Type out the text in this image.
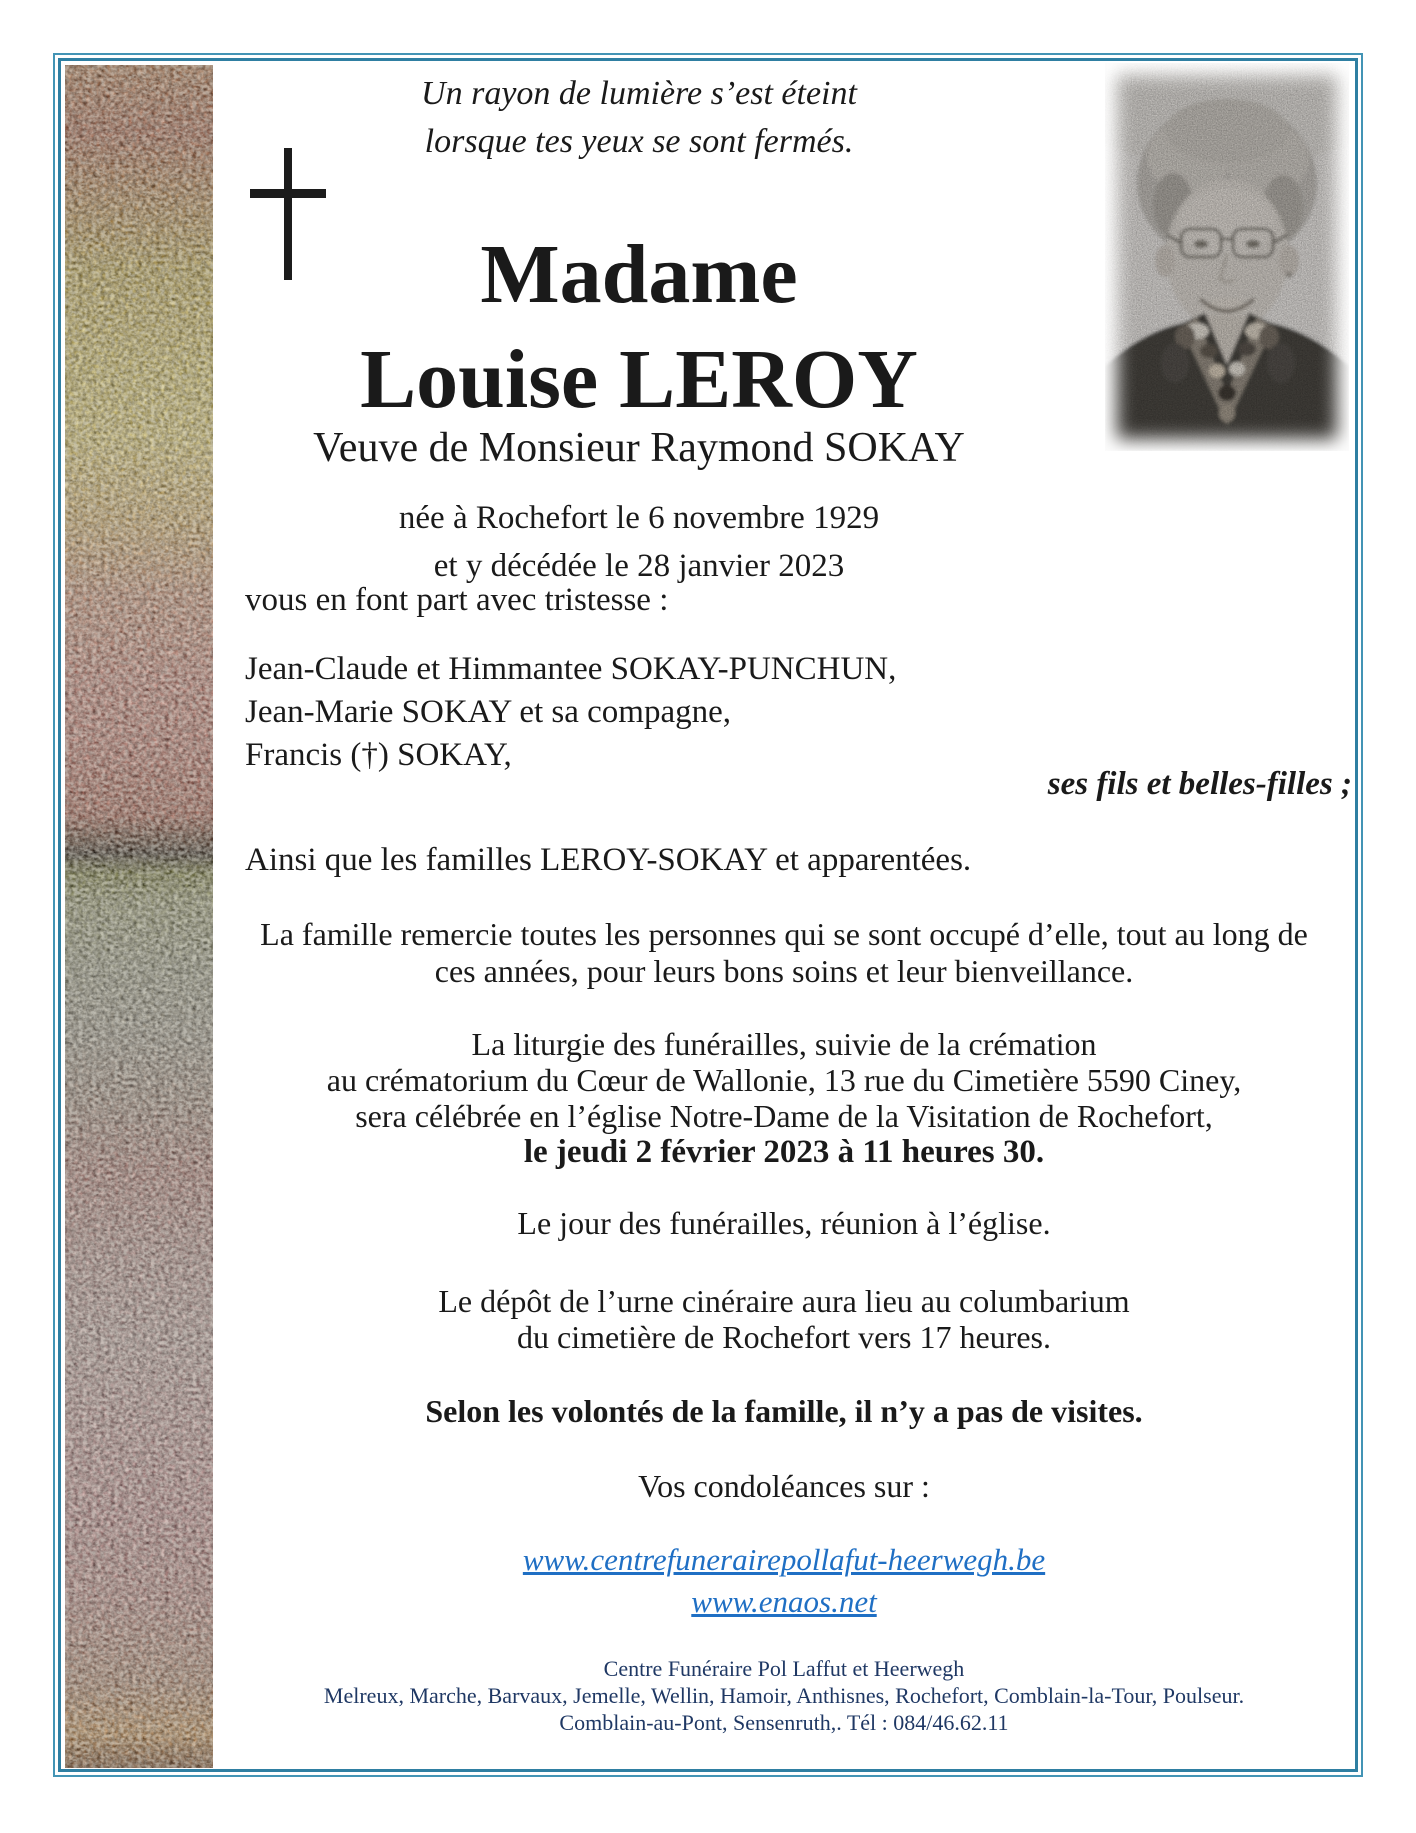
Un rayon de lumière s’est éteint
lorsque tes yeux se sont fermés.
Madame
Louise LEROY
Veuve de Monsieur Raymond SOKAY
née à Rochefort le 6 novembre 1929
et y décédée le 28 janvier 2023
vous en font part avec tristesse :
Jean-Claude et Himmantee SOKAY-PUNCHUN,
Jean-Marie SOKAY et sa compagne,
Francis (†) SOKAY,
ses fils et belles-filles ;
Ainsi que les familles LEROY-SOKAY et apparentées.
La famille remercie toutes les personnes qui se sont occupé d’elle, tout au long de
ces années, pour leurs bons soins et leur bienveillance.
La liturgie des funérailles, suivie de la crémation
au crématorium du Cœur de Wallonie, 13 rue du Cimetière 5590 Ciney,
sera célébrée en l’église Notre-Dame de la Visitation de Rochefort,
le jeudi 2 février 2023 à 11 heures 30.
Le jour des funérailles, réunion à l’église.
Le dépôt de l’urne cinéraire aura lieu au columbarium
du cimetière de Rochefort vers 17 heures.
Selon les volontés de la famille, il n’y a pas de visites.
Vos condoléances sur :
www.centrefunerairepollafut-heerwegh.be
www.enaos.net
Centre Funéraire Pol Laffut et Heerwegh
Melreux, Marche, Barvaux, Jemelle, Wellin, Hamoir, Anthisnes, Rochefort, Comblain-la-Tour, Poulseur.
Comblain-au-Pont, Sensenruth,. Tél : 084/46.62.11
